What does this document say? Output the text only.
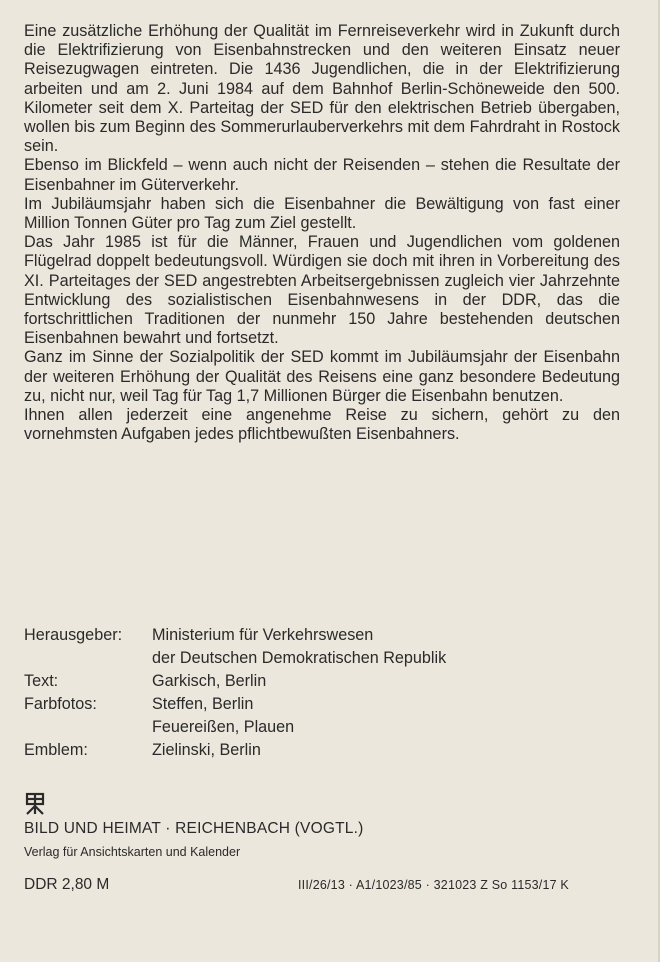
Eine zusätzliche Erhöhung der Qualität im Fernreiseverkehr wird in Zukunft durch die Elektrifizierung von Eisenbahnstrecken und den weiteren Einsatz neuer Reisezugwagen eintreten. Die 1436 Jugendlichen, die in der Elektrifizierung arbeiten und am 2. Juni 1984 auf dem Bahnhof Berlin-Schöneweide den 500. Kilometer seit dem X. Parteitag der SED für den elektrischen Betrieb übergaben, wollen bis zum Beginn des Sommerurlauberverkehrs mit dem Fahrdraht in Rostock sein.

Ebenso im Blickfeld – wenn auch nicht der Reisenden – stehen die Resultate der Eisenbahner im Güterverkehr.

Im Jubiläumsjahr haben sich die Eisenbahner die Bewältigung von fast einer Million Tonnen Güter pro Tag zum Ziel gestellt.

Das Jahr 1985 ist für die Männer, Frauen und Jugendlichen vom goldenen Flügelrad doppelt bedeutungsvoll. Würdigen sie doch mit ihren in Vorbereitung des XI. Parteitages der SED angestrebten Arbeitsergebnissen zugleich vier Jahrzehnte Entwicklung des sozialistischen Eisenbahnwesens in der DDR, das die fortschrittlichen Traditionen der nunmehr 150 Jahre bestehenden deutschen Eisenbahnen bewahrt und fortsetzt.

Ganz im Sinne der Sozialpolitik der SED kommt im Jubiläumsjahr der Eisenbahn der weiteren Erhöhung der Qualität des Reisens eine ganz besondere Bedeutung zu, nicht nur, weil Tag für Tag 1,7 Millionen Bürger die Eisenbahn benutzen.

Ihnen allen jederzeit eine angenehme Reise zu sichern, gehört zu den vornehmsten Aufgaben jedes pflichtbewußten Eisenbahners.

Herausgeber:	Ministerium für Verkehrswesen
der Deutschen Demokratischen Republik
Text:	Garkisch, Berlin
Farbfotos:	Steffen, Berlin
Feuereißen, Plauen
Emblem:	Zielinski, Berlin
BILD UND HEIMAT · REICHENBACH (VOGTL.)
Verlag für Ansichtskarten und Kalender
DDR 2,80 M	III/26/13 · A1/1023/85 · 321023 Z So 1153/17 K
